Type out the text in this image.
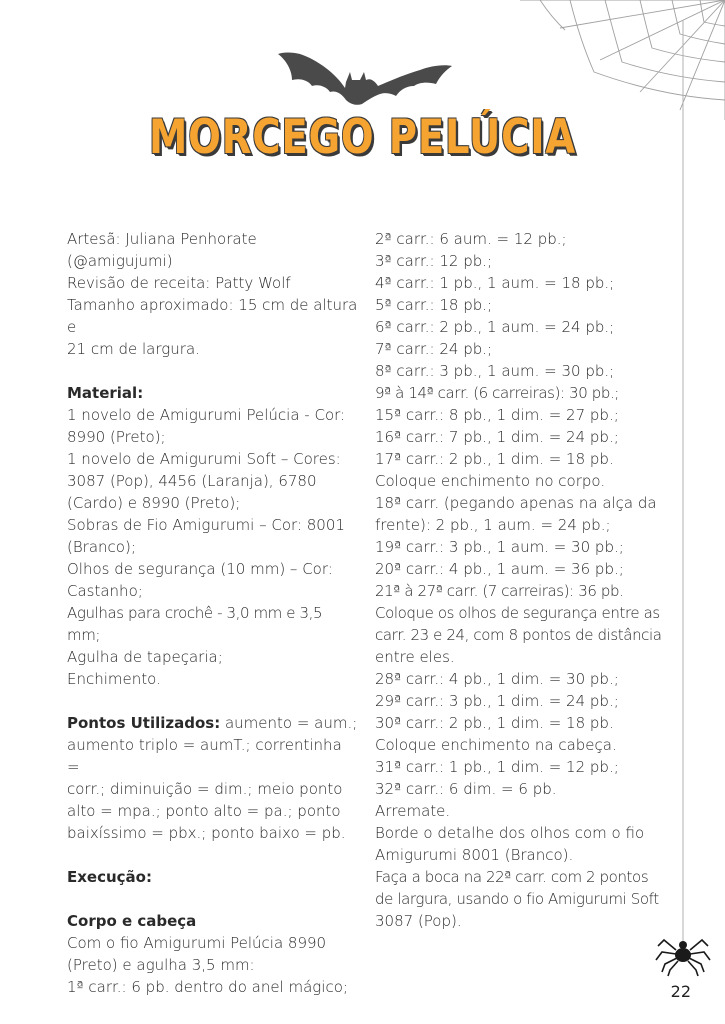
MORCEGO PELÚCIA

Artesã: Juliana Penhorate

(@amigujumi)

Revisão de receita: Patty Wolf

Tamanho aproximado: 15 cm de altura e

21 cm de largura.

Material:

1 novelo de Amigurumi Pelúcia - Cor:

8990 (Preto);

1 novelo de Amigurumi Soft – Cores:

3087 (Pop), 4456 (Laranja), 6780

(Cardo) e 8990 (Preto);

Sobras de Fio Amigurumi – Cor: 8001

(Branco);

Olhos de segurança (10 mm) – Cor:

Castanho;

Agulhas para crochê - 3,0 mm e 3,5 mm;

Agulha de tapeçaria;

Enchimento.

Pontos Utilizados: aumento = aum.;

aumento triplo = aumT.; correntinha =

corr.; diminuição = dim.; meio ponto

alto = mpa.; ponto alto = pa.; ponto

baixíssimo = pbx.; ponto baixo = pb.

Execução:

Corpo e cabeça

Com o fio Amigurumi Pelúcia 8990

(Preto) e agulha 3,5 mm:

1ª carr.: 6 pb. dentro do anel mágico;

2ª carr.: 6 aum. = 12 pb.;

3ª carr.: 12 pb.;

4ª carr.: 1 pb., 1 aum. = 18 pb.;

5ª carr.: 18 pb.;

6ª carr.: 2 pb., 1 aum. = 24 pb.;

7ª carr.: 24 pb.;

8ª carr.: 3 pb., 1 aum. = 30 pb.;

9ª à 14ª carr. (6 carreiras): 30 pb.;

15ª carr.: 8 pb., 1 dim. = 27 pb.;

16ª carr.: 7 pb., 1 dim. = 24 pb.;

17ª carr.: 2 pb., 1 dim. = 18 pb.

Coloque enchimento no corpo.

18ª carr. (pegando apenas na alça da

frente): 2 pb., 1 aum. = 24 pb.;

19ª carr.: 3 pb., 1 aum. = 30 pb.;

20ª carr.: 4 pb., 1 aum. = 36 pb.;

21ª à 27ª carr. (7 carreiras): 36 pb.

Coloque os olhos de segurança entre as

carr. 23 e 24, com 8 pontos de distância

entre eles.

28ª carr.: 4 pb., 1 dim. = 30 pb.;

29ª carr.: 3 pb., 1 dim. = 24 pb.;

30ª carr.: 2 pb., 1 dim. = 18 pb.

Coloque enchimento na cabeça.

31ª carr.: 1 pb., 1 dim. = 12 pb.;

32ª carr.: 6 dim. = 6 pb.

Arremate.

Borde o detalhe dos olhos com o fio

Amigurumi 8001 (Branco).

Faça a boca na 22ª carr. com 2 pontos

de largura, usando o fio Amigurumi Soft

3087 (Pop).

22
